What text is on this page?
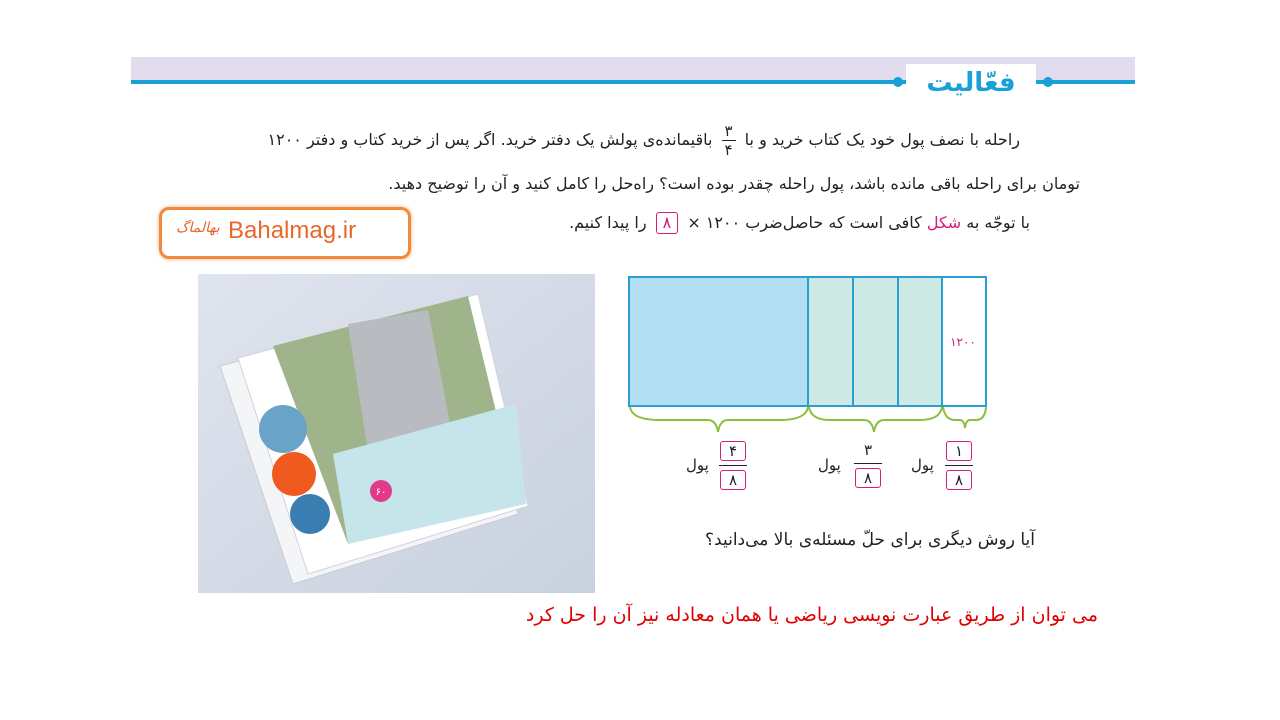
فعّالیت
راحله با نصف پول خود یک کتاب خرید و با
$\frac{۳}{۴}$
باقیمانده‌ی پولش یک دفتر خرید. اگر پس از خرید کتاب و دفتر ۱۲۰۰
تومان برای راحله باقی مانده باشد، پول راحله چقدر بوده است؟ راه‌حل را کامل کنید و آن را توضیح دهید.
با توجّه به شکل کافی است که حاصل‌ضرب ۱۲۰۰ × ۸ را پیدا کنیم.
بهالماگ Bahalmag.ir
۶۰
۱۲۰۰
پول
۴
۸
پول
۳
۸
پول
۱
۸
آیا روش دیگری برای حلّ مسئله‌ی بالا می‌دانید؟
می توان از طریق عبارت نویسی ریاضی یا همان معادله نیز آن را حل کرد
